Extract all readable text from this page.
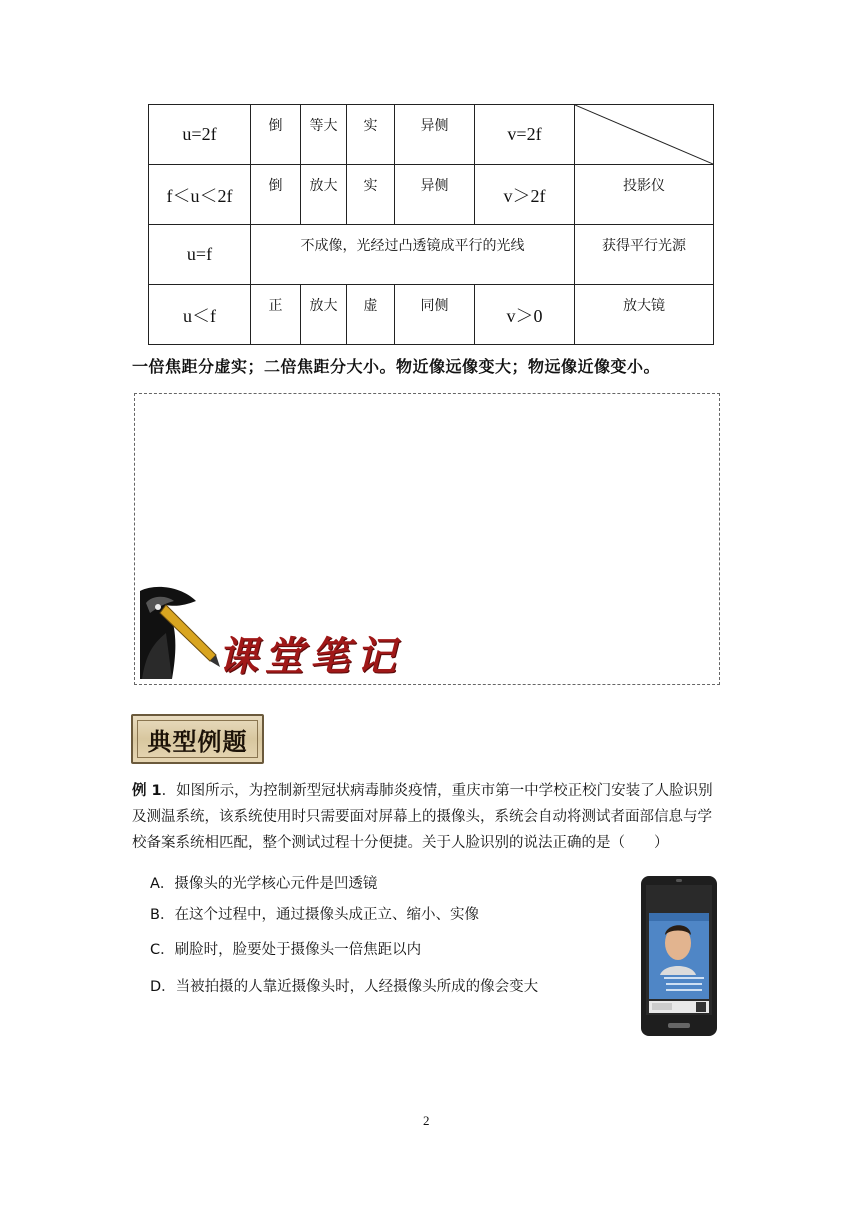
u=2f	倒	等大	实	异侧	v=2f

f＜u＜2f	倒	放大	实	异侧	v＞2f	投影仪

u=f	不成像，光经过凸透镜成平行的光线					获得平行光源

u＜f	正	放大	虚	同侧	v＞0	放大镜
一倍焦距分虚实；二倍焦距分大小。物近像远像变大；物远像近像变小。
课堂笔记
典型例题
例 1．如图所示，为控制新型冠状病毒肺炎疫情，重庆市第一中学校正校门安装了人脸识别及测温系统，该系统使用时只需要面对屏幕上的摄像头，系统会自动将测试者面部信息与学校备案系统相匹配，整个测试过程十分便捷。关于人脸识别的说法正确的是（　　）
A．摄像头的光学核心元件是凹透镜
B．在这个过程中，通过摄像头成正立、缩小、实像
C．刷脸时，脸要处于摄像头一倍焦距以内
D．当被拍摄的人靠近摄像头时，人经摄像头所成的像会变大
2
